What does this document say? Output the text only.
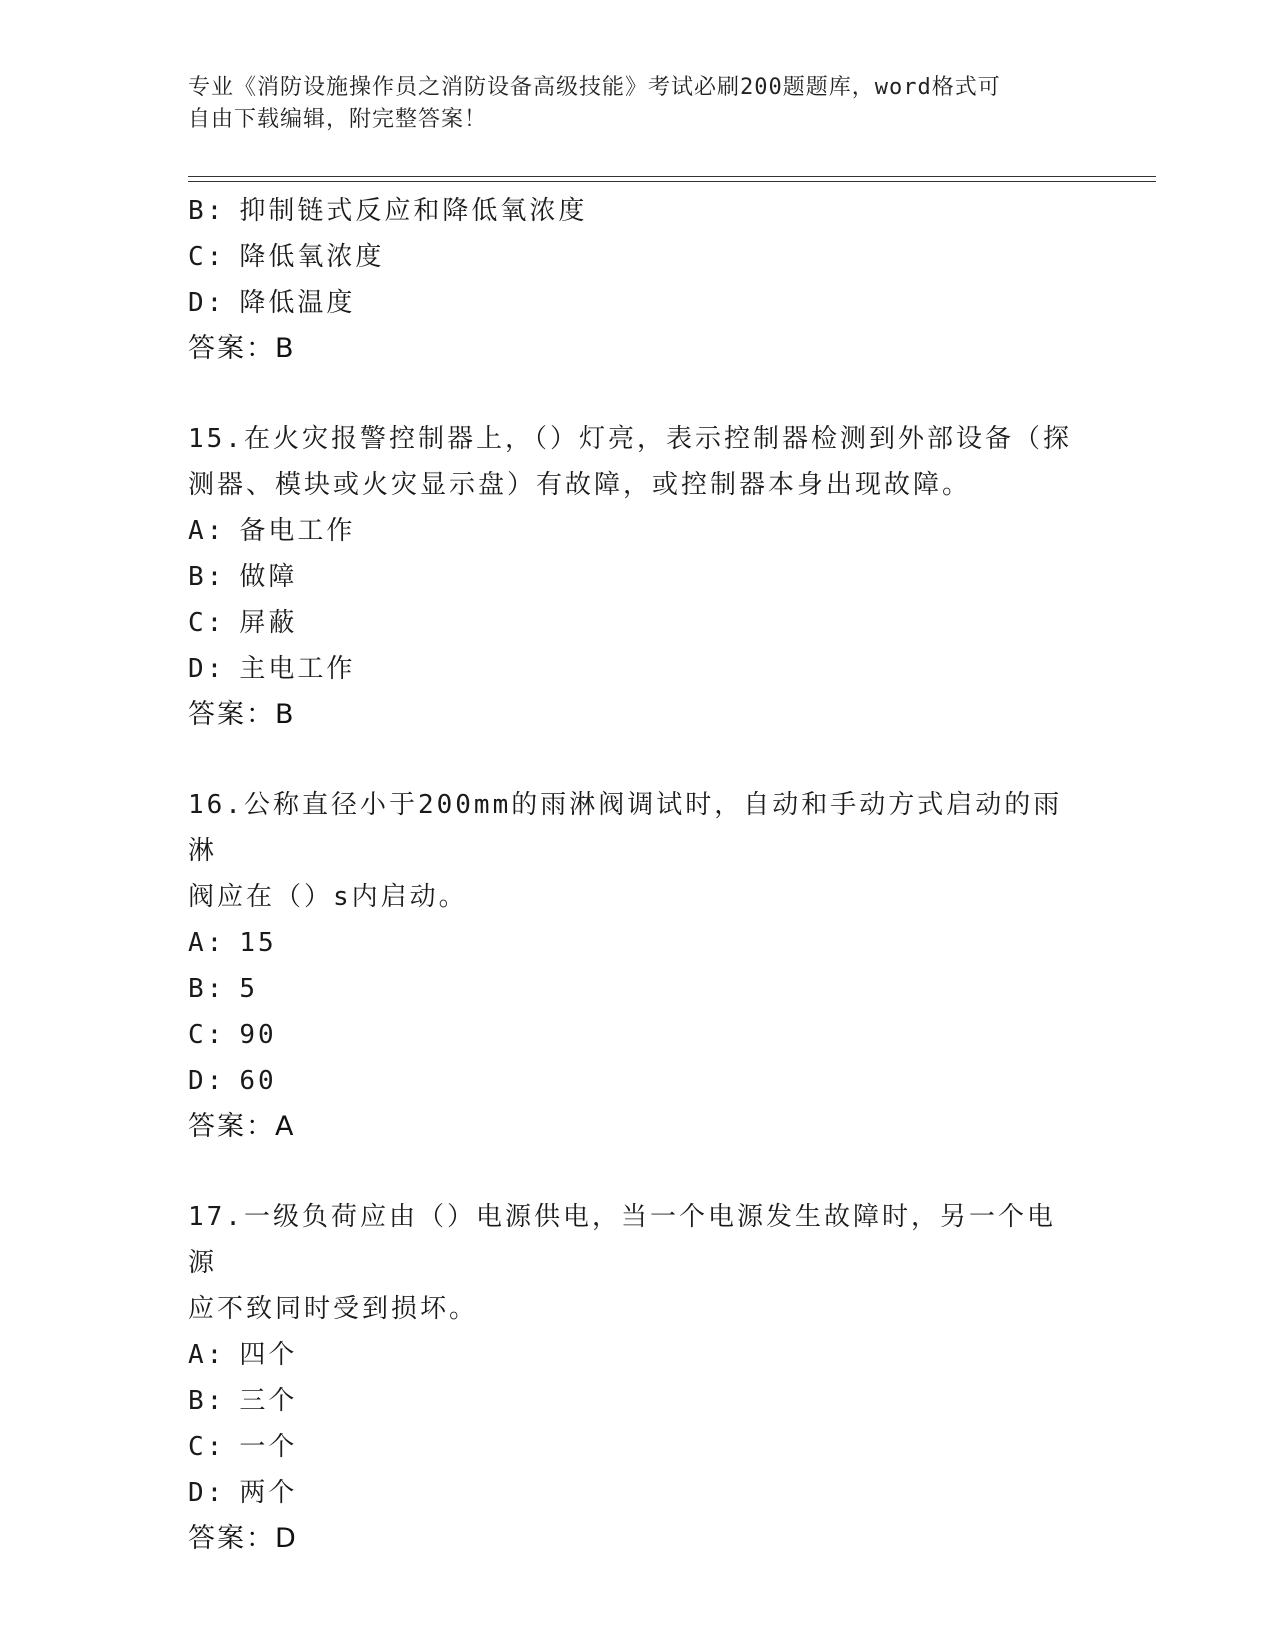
专业《消防设施操作员之消防设备高级技能》考试必刷200题题库，word格式可
自由下载编辑，附完整答案！
B: 抑制链式反应和降低氧浓度
C: 降低氧浓度
D: 降低温度
答案：B
15.在火灾报警控制器上，（）灯亮，表示控制器检测到外部设备（探
测器、模块或火灾显示盘）有故障，或控制器本身出现故障。
A: 备电工作
B: 做障
C: 屏蔽
D: 主电工作
答案：B
16.公称直径小于200mm的雨淋阀调试时，自动和手动方式启动的雨淋
阀应在（）s内启动。
A: 15
B: 5
C: 90
D: 60
答案：A
17.一级负荷应由（）电源供电，当一个电源发生故障时，另一个电源
应不致同时受到损坏。
A: 四个
B: 三个
C: 一个
D: 两个
答案：D
